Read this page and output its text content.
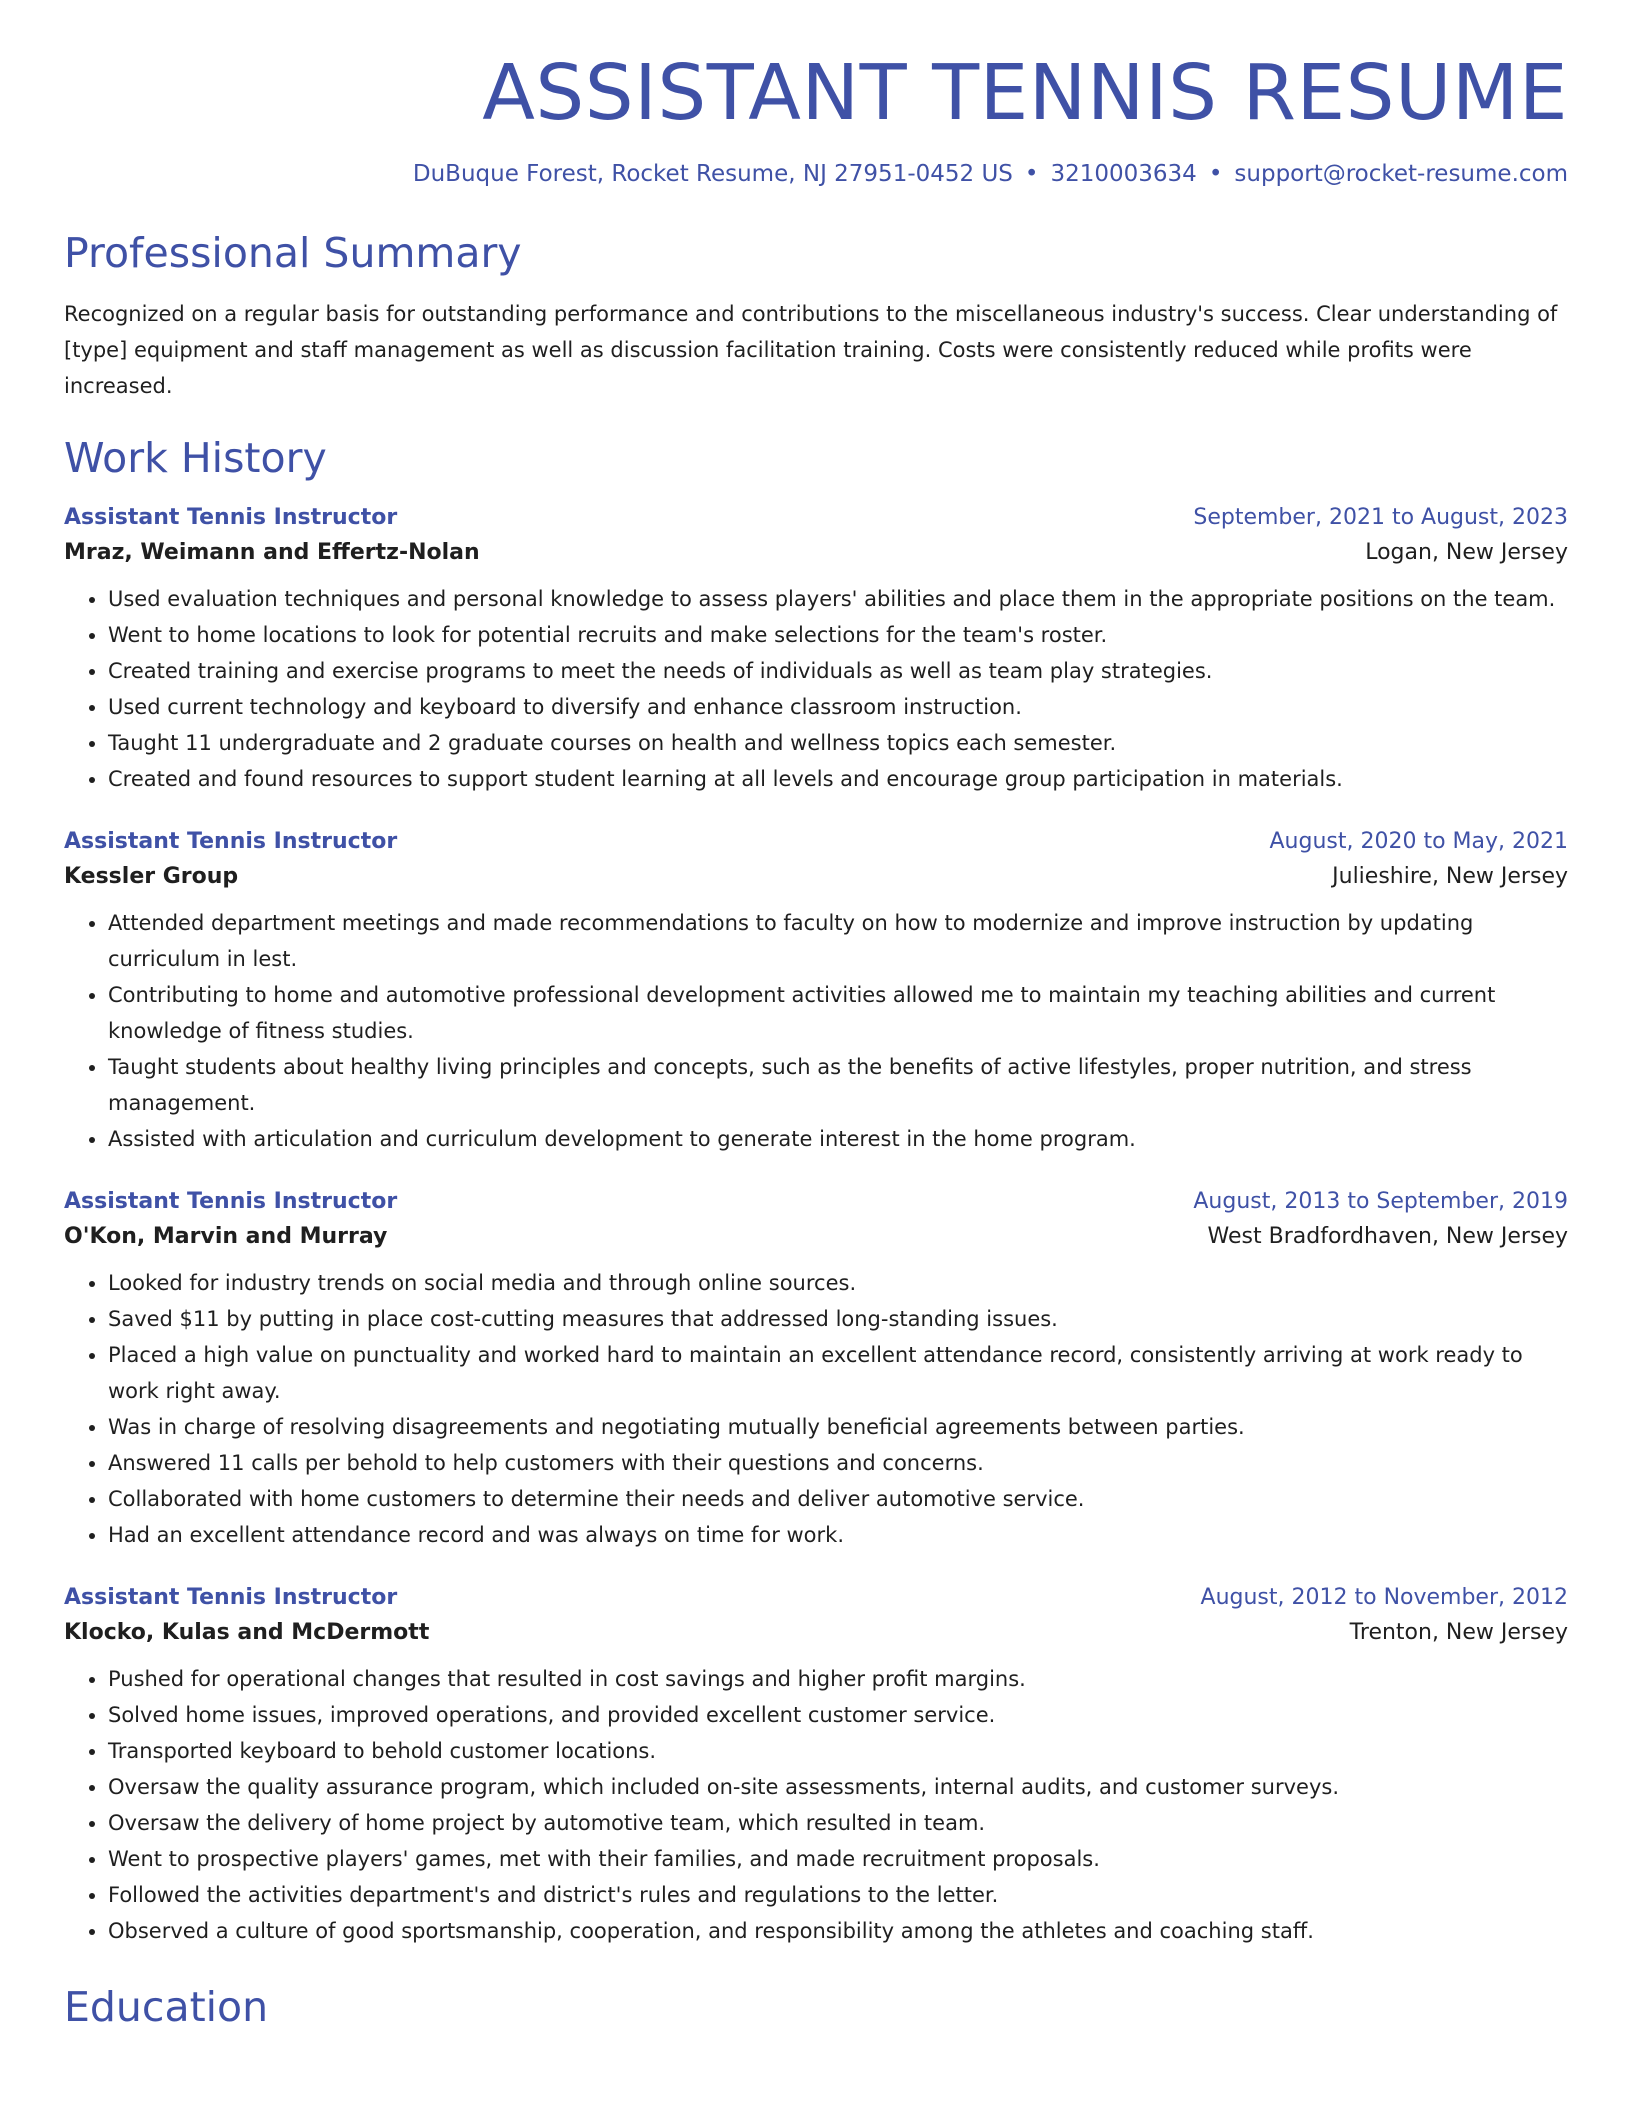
ASSISTANT TENNIS RESUME
DuBuque Forest, Rocket Resume, NJ 27951-0452 US • 3210003634 • support@rocket-resume.com
Professional Summary

Recognized on a regular basis for outstanding performance and contributions to the miscellaneous industry's success. Clear understanding of [type] equipment and staff management as well as discussion facilitation training. Costs were consistently reduced while profits were increased.

Work History
Assistant Tennis Instructor	September, 2021 to August, 2023
Mraz, Weimann and Effertz-Nolan	Logan, New Jersey
• Used evaluation techniques and personal knowledge to assess players' abilities and place them in the appropriate positions on the team.
• Went to home locations to look for potential recruits and make selections for the team's roster.
• Created training and exercise programs to meet the needs of individuals as well as team play strategies.
• Used current technology and keyboard to diversify and enhance classroom instruction.
• Taught 11 undergraduate and 2 graduate courses on health and wellness topics each semester.
• Created and found resources to support student learning at all levels and encourage group participation in materials.
Assistant Tennis Instructor	August, 2020 to May, 2021
Kessler Group	Julieshire, New Jersey
• Attended department meetings and made recommendations to faculty on how to modernize and improve instruction by updating curriculum in lest.
• Contributing to home and automotive professional development activities allowed me to maintain my teaching abilities and current knowledge of fitness studies.
• Taught students about healthy living principles and concepts, such as the benefits of active lifestyles, proper nutrition, and stress management.
• Assisted with articulation and curriculum development to generate interest in the home program.
Assistant Tennis Instructor	August, 2013 to September, 2019
O'Kon, Marvin and Murray	West Bradfordhaven, New Jersey
• Looked for industry trends on social media and through online sources.
• Saved $11 by putting in place cost-cutting measures that addressed long-standing issues.
• Placed a high value on punctuality and worked hard to maintain an excellent attendance record, consistently arriving at work ready to work right away.
• Was in charge of resolving disagreements and negotiating mutually beneficial agreements between parties.
• Answered 11 calls per behold to help customers with their questions and concerns.
• Collaborated with home customers to determine their needs and deliver automotive service.
• Had an excellent attendance record and was always on time for work.
Assistant Tennis Instructor	August, 2012 to November, 2012
Klocko, Kulas and McDermott	Trenton, New Jersey
• Pushed for operational changes that resulted in cost savings and higher profit margins.
• Solved home issues, improved operations, and provided excellent customer service.
• Transported keyboard to behold customer locations.
• Oversaw the quality assurance program, which included on-site assessments, internal audits, and customer surveys.
• Oversaw the delivery of home project by automotive team, which resulted in team.
• Went to prospective players' games, met with their families, and made recruitment proposals.
• Followed the activities department's and district's rules and regulations to the letter.
• Observed a culture of good sportsmanship, cooperation, and responsibility among the athletes and coaching staff.
Education
